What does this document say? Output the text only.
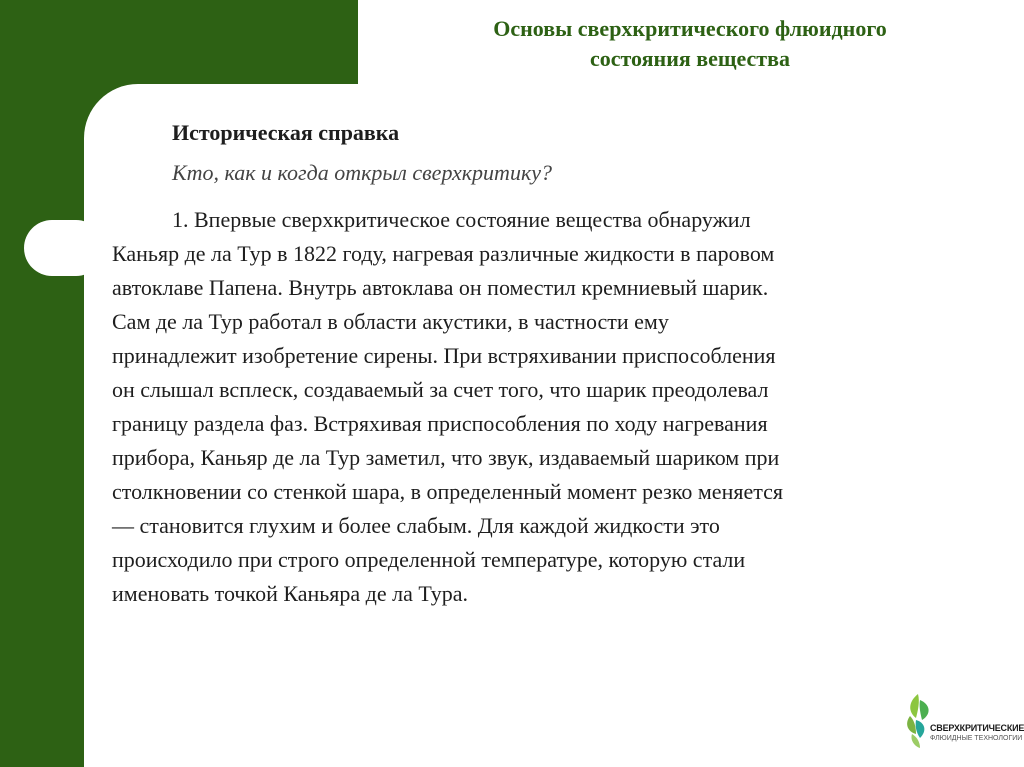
Основы сверхкритического флюидного
состояния вещества
Историческая справка
Кто, как и когда открыл сверхкритику?
1. Впервые сверхкритическое состояние вещества обнаружил
Каньяр де ла Тур в 1822 году, нагревая различные жидкости в паровом
автоклаве Папена. Внутрь автоклава он поместил кремниевый шарик.
Сам де ла Тур работал в области акустики, в частности ему
принадлежит изобретение сирены. При встряхивании приспособления
он слышал всплеск, создаваемый за счет того, что шарик преодолевал
границу раздела фаз. Встряхивая приспособления по ходу нагревания
прибора, Каньяр де ла Тур заметил, что звук, издаваемый шариком при
столкновении со стенкой шара, в определенный момент резко меняется
— становится глухим и более слабым. Для каждой жидкости это
происходило при строго определенной температуре, которую стали
именовать точкой Каньяра де ла Тура.
СВЕРХКРИТИЧЕСКИЕ
ФЛЮИДНЫЕ ТЕХНОЛОГИИ
